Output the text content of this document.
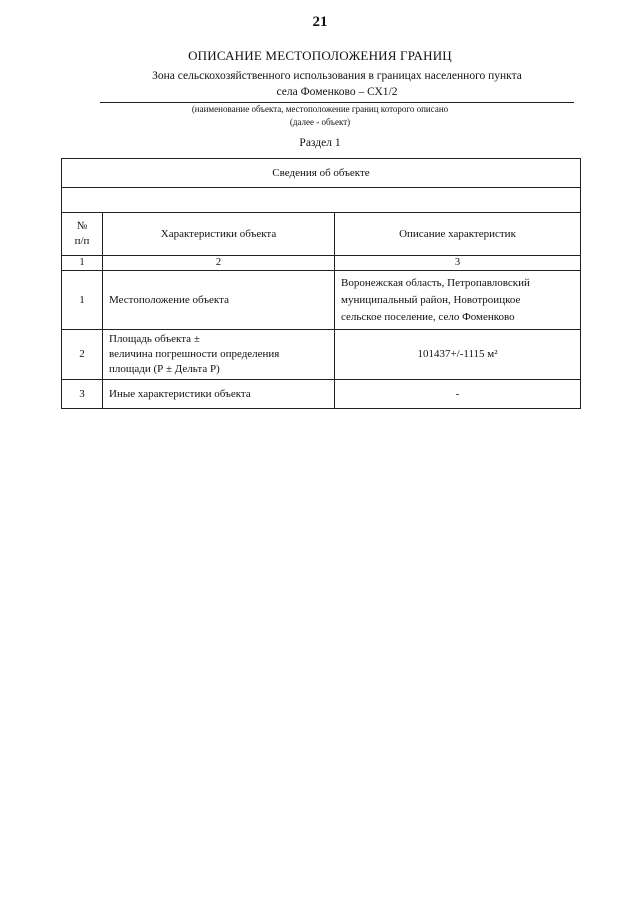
21
ОПИСАНИЕ МЕСТОПОЛОЖЕНИЯ ГРАНИЦ
Зона сельскохозяйственного использования в границах населенного пункта
села Фоменково – СХ1/2
(наименование объекта, местоположение границ которого описано
(далее - объект)
Раздел 1
Сведения об объекте		

№
п/п	Характеристики объекта	Описание характеристик
1	2	3
1	Местоположение объекта	Воронежская область, Петропавловский
муниципальный район, Новотроицкое
сельское поселение, село Фоменково

2	Площадь объекта ±
величина погрешности определения
площади (Р ± Дельта Р)	101437+/-1115 м²
3	Иные характеристики объекта	-
